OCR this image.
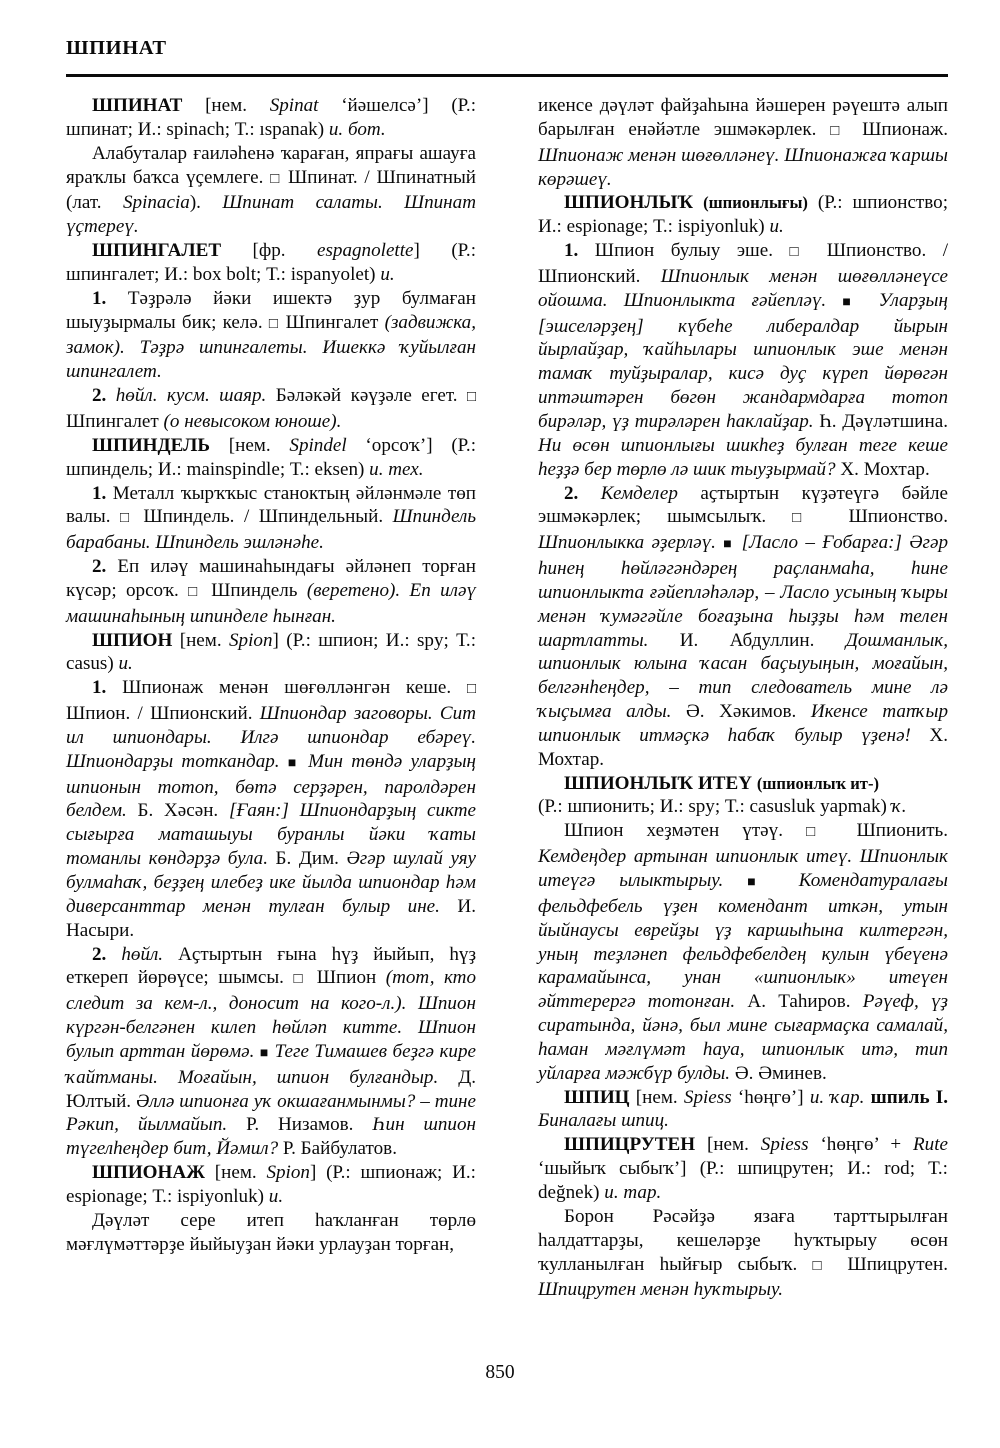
ШПИНАТ

ШПИНАТ [нем. Spinat ‘йәшелсә’] (Р.: шпинат; И.: spinach; Т.: ıspanak) и. бот.

Алабуталар ғаиләһенә ҡараған, япрағы ашауға яраҡлы баҡса үҫемлеге. □ Шпинат. / Шпинатный (лат. Spinacia). Шпинат салаты. Шпинат үҫтереү.

ШПИНГАЛЕТ [фр. espagnolette] (Р.: шпингалет; И.: box bolt; Т.: ispanyolet) и.

1. Тәҙрәлә йәки ишектә ҙур булмаған шыуҙырмалы бик; келә. □ Шпингалет (задвижка, замок). Тәҙрә шпингалеты. Ишеккә ҡуйылған шпингалет.

2. һөйл. кусм. шаяр. Бәләкәй кәүҙәле егет. □ Шпингалет (о невысоком юноше).

ШПИНДЕЛЬ [нем. Spindel ‘орсоҡ’] (Р.: шпиндель; И.: mainspindle; Т.: eksen) и. тех.

1. Металл ҡырҡҡыс станоктың әйләнмәле төп валы. □ Шпиндель. / Шпиндельный. Шпиндель барабаны. Шпиндель эшләнәһе.

2. Еп иләү машинаһындағы әйләнеп торған күсәр; орсоҡ. □ Шпиндель (веретено). Еп иләү машинаһының шпинделе һынған.

ШПИОН [нем. Spion] (Р.: шпион; И.: spy; Т.: casus) и.

1. Шпионаж менән шөғөлләнгән кеше. □ Шпион. / Шпионский. Шпиондар заговоры. Сит ил шпиондары. Илгә шпиондар ебәреү. Шпиондарҙы тоткандар. ■ Мин төндә уларҙың шпионын тотоп, бөтә серҙәрен, паролдәрен белдем. Б. Хәсән. [Ғаян:] Шпиондарҙың сикте сығырға маташыуы буранлы йәки ҡаты томанлы көндәрҙә була. Б. Дим. Әгәр шулай уяу булмаһаҡ, беҙҙең илебеҙ ике йылда шпиондар һәм диверсанттар менән тулған булыр ине. И. Насыри.

2. һөйл. Аҫтыртын ғына һүҙ йыйып, һүҙ еткереп йөрөүсе; шымсы. □ Шпион (тот, кто следит за кем-л., доносит на кого-л.). Шпион күргән-белгәнен килеп һөйләп китте. Шпион булып арттан йөрөмә. ■ Теге Тимашев беҙгә кире ҡайтманы. Моғайын, шпион булғандыр. Д. Юлтый. Әллә шпионға уҡ окшағанмынмы? – тине Рәкип, йылмайып. Р. Низамов. Һин шпион түгелһеңдер бит, Йәмил? Р. Байбулатов.

ШПИОНАЖ [нем. Spion] (Р.: шпионаж; И.: espionage; Т.: ispiyonluk) и.

Дәүләт сере итеп һаҡланған төрлө мәғлүмәттәрҙе йыйыуҙан йәки урлауҙан торған,

икенсе дәүләт файҙаһына йәшерен рәүештә алып барылған енәйәтле эшмәкәрлек. □ Шпионаж. Шпионаж менән шөғөлләнеү. Шпионажға ҡаршы көрәшеү.

ШПИОНЛЫҠ (шпионлығы) (Р.: шпионство; И.: espionage; Т.: ispiyonluk) и.

1. Шпион булыу эше. □ Шпионство. / Шпионский. Шпионлык менән шөғөлләнеүсе ойошма. Шпионлыкта ғәйепләү. ■	Уларҙың [эшселәрҙең] күбеһе либералдар йырын йырлайҙар, ҡайһылары шпионлык эше менән тамаҡ туйҙыралар, кисә дуҫ күреп йөрөгән иптәштәрен бөгөн жандармдарға тотоп бирәләр, үҙ тирәләрен һаклайҙар. Һ. Дәүләтшина. Ни өсөн шпионлығы шикһеҙ булған теге кеше һеҙҙә бер төрлө лә шик тыуҙырмай? Х. Мохтар.

2. Кемделер аҫтыртын күҙәтеүгә бәйле эшмәкәрлек; шымсылыҡ. □ Шпионство. Шпионлыкка әҙерләү. ■ [Ласло – Ғобарға:] Әгәр һинең һөйләгәндәрең раҫланмаһа, һине шпионлыкта ғәйепләһәләр, – Ласло усының ҡыры менән ҡумәгәйле боғаҙына һыҙҙы һәм телен шартлатты. И. Абдуллин. Дошманлык, шпионлык юлына ҡасан баҫыуыңын, моғайын, белгәнһеңдер, – тип следователь мине лә ҡыҫымға алды. Ә. Хәкимов. Икенсе тапҡыр шпионлык итмәҫкә һабаҡ булыр үҙенә! Х. Мохтар.

ШПИОНЛЫҠ ИТЕҮ (шпионлыҡ ит-)

(Р.: шпионить; И.: spy; Т.: casusluk yapmak) ҡ.

Шпион хеҙмәтен үтәү. □ Шпионить. Кемдеңдер артынан шпионлык итеү. Шпионлык итеүгә ылыктырыу. ■	Комендатуралағы фельдфебель үҙен комендант иткән, утын йыйнаусы еврейҙы үҙ каршыһына килтергән, уның теҙләнеп фельдфебелдең кулын үбеүенә карамайынса, унан «шпионлык» итеүен әйттерергә тотонған. А. Таһиров. Рәүеф, үҙ сиратында, йәнә, был мине сығармаҫка самалай, һаман мәғлүмәт һауа, шпионлык итә, тип уйларға мәжбүр булды. Ә. Әминев.

ШПИЦ [нем. Spiess ‘һөңгө’] и. ҡар. шпиль I. Биналағы шпиц.

ШПИЦРУТЕН [нем. Spiess ‘һөңгө’ + Rute ‘шыйыҡ сыбыҡ’] (Р.: шпицрутен; И.: rod; Т.: değnek) и. тар.

Борон Рәсәйҙә язаға тарттырылған һалдаттарҙы, кешеләрҙе һуҡтырыу өсөн ҡулланылған һыйғыр сыбыҡ. □ Шпицрутен. Шпицрутен менән һуҡтырыу.

850
